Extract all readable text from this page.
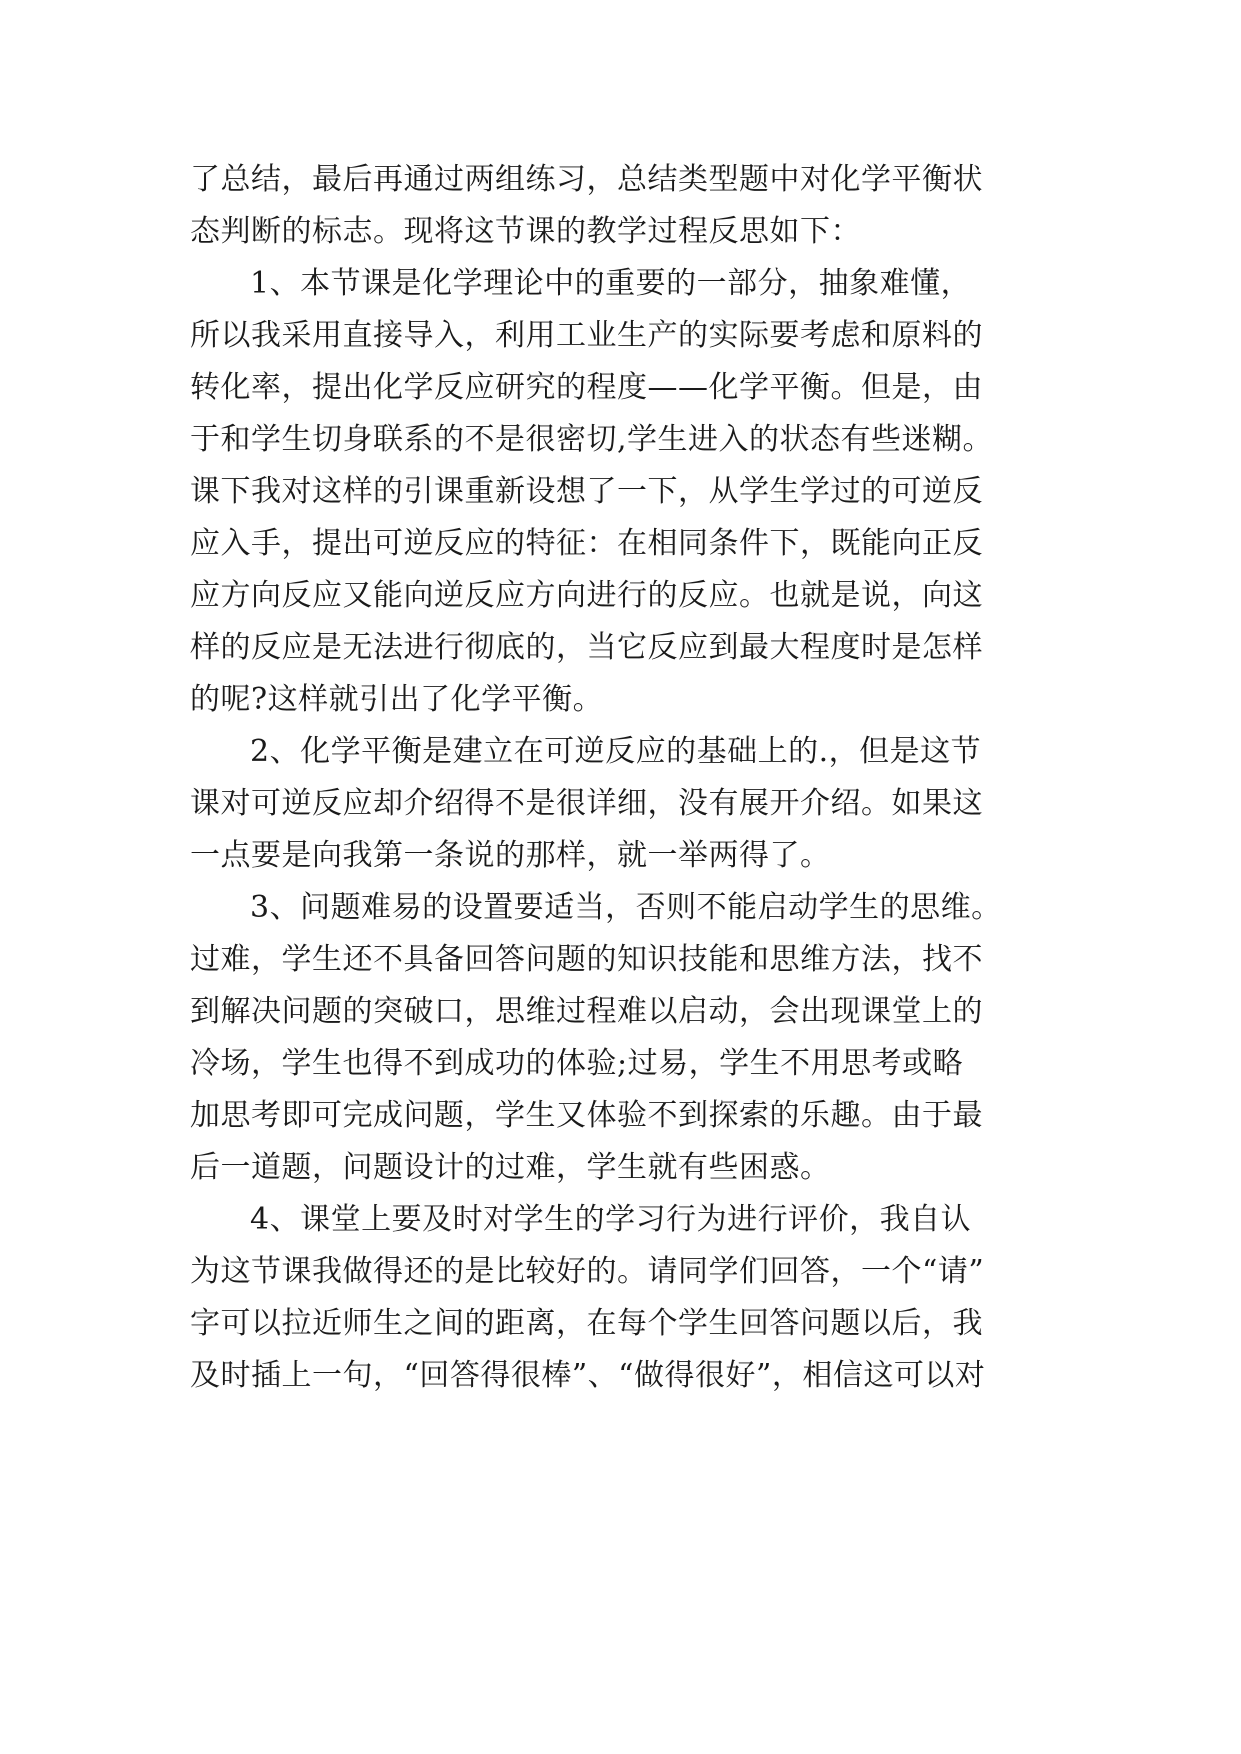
了总结，最后再通过两组练习，总结类型题中对化学平衡状
态判断的标志。现将这节课的教学过程反思如下：
1、本节课是化学理论中的重要的一部分，抽象难懂，
所以我采用直接导入，利用工业生产的实际要考虑和原料的
转化率，提出化学反应研究的程度——化学平衡。但是，由
于和学生切身联系的不是很密切,学生进入的状态有些迷糊。
课下我对这样的引课重新设想了一下，从学生学过的可逆反
应入手，提出可逆反应的特征：在相同条件下，既能向正反
应方向反应又能向逆反应方向进行的反应。也就是说，向这
样的反应是无法进行彻底的，当它反应到最大程度时是怎样
的呢?这样就引出了化学平衡。
2、化学平衡是建立在可逆反应的基础上的.，但是这节
课对可逆反应却介绍得不是很详细，没有展开介绍。如果这
一点要是向我第一条说的那样，就一举两得了。
3、问题难易的设置要适当，否则不能启动学生的思维。
过难，学生还不具备回答问题的知识技能和思维方法，找不
到解决问题的突破口，思维过程难以启动，会出现课堂上的
冷场，学生也得不到成功的体验;过易，学生不用思考或略
加思考即可完成问题，学生又体验不到探索的乐趣。由于最
后一道题，问题设计的过难，学生就有些困惑。
4、课堂上要及时对学生的学习行为进行评价，我自认
为这节课我做得还的是比较好的。请同学们回答，一个“请”
字可以拉近师生之间的距离，在每个学生回答问题以后，我
及时插上一句，“回答得很棒”、“做得很好”，相信这可以对
